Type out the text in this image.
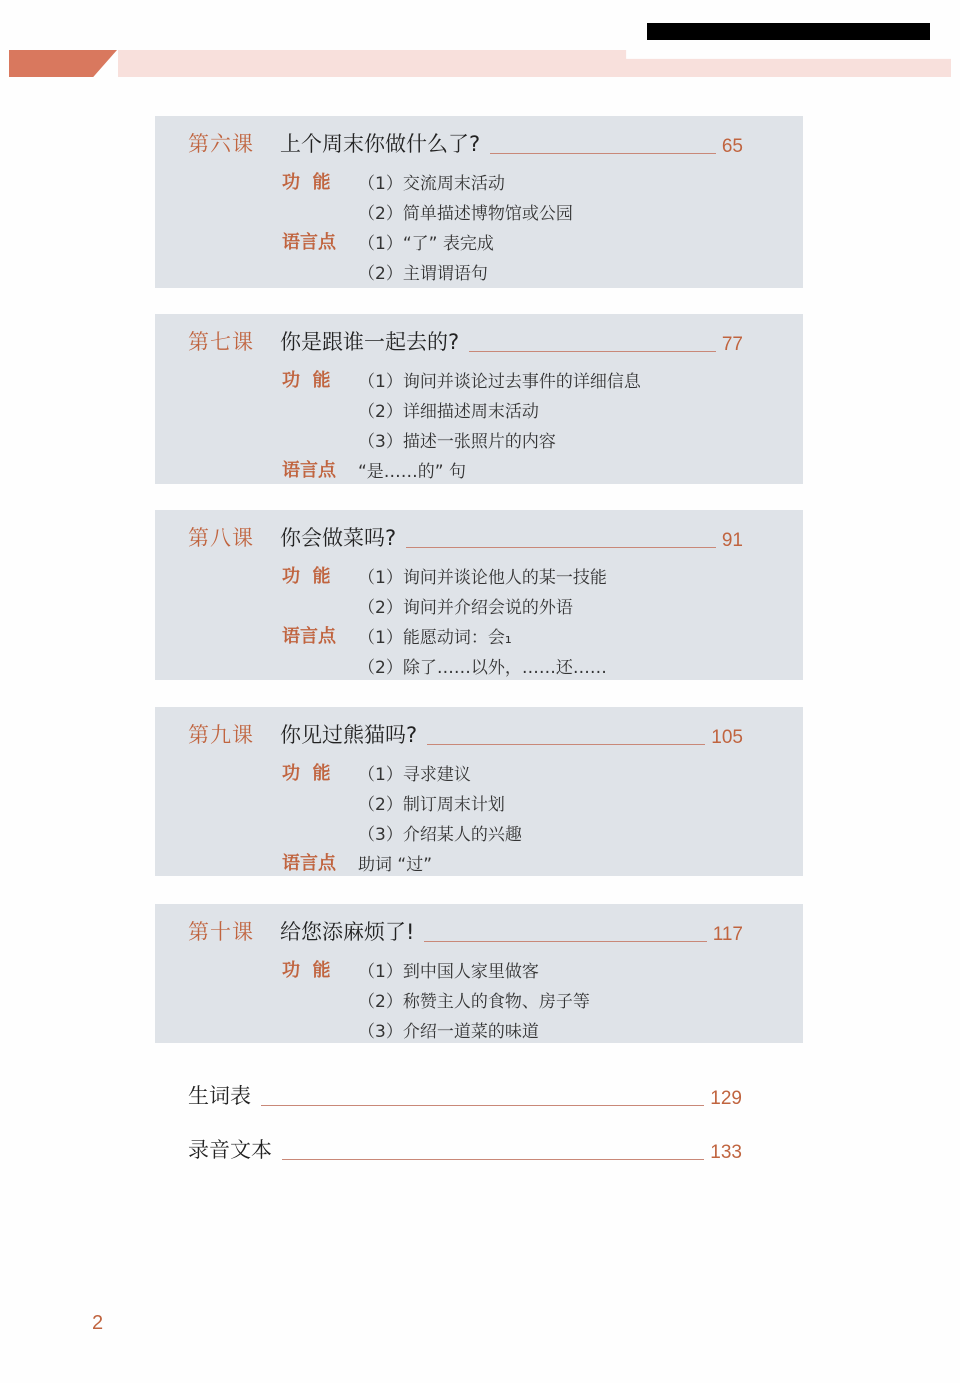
第六课 上个周末你做什么了?	65
功  能	（1）交流周末活动
（2）简单描述博物馆或公园
语言点	（1）“了” 表完成
（2）主谓谓语句
第七课 你是跟谁一起去的?	77
功  能	（1）询问并谈论过去事件的详细信息
（2）详细描述周末活动
（3）描述一张照片的内容
语言点	“是……的” 句
第八课 你会做菜吗?	91
功  能	（1）询问并谈论他人的某一技能
（2）询问并介绍会说的外语
语言点	（1）能愿动词：会₁
（2）除了……以外，……还……
第九课 你见过熊猫吗?	105
功  能	（1）寻求建议
（2）制订周末计划
（3）介绍某人的兴趣
语言点	助词 “过”
第十课 给您添麻烦了!	117
功  能	（1）到中国人家里做客
（2）称赞主人的食物、房子等
（3）介绍一道菜的味道
生词表	129
录音文本	133
2
